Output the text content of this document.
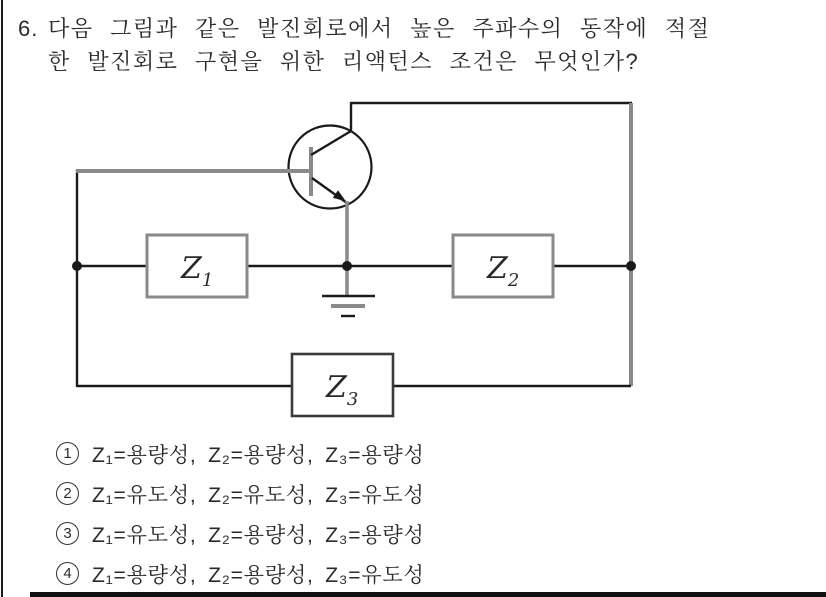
6. 다음 그림과 같은 발진회로에서 높은 주파수의 동작에 적절
한 발진회로 구현을 위한 리액턴스 조건은 무엇인가?
$Z_1$	$Z_2$
$Z_3$
1 Z₁=용량성, Z₂=용량성, Z₃=용량성
2 Z₁=유도성, Z₂=유도성, Z₃=유도성
3 Z₁=유도성, Z₂=용량성, Z₃=용량성
4 Z₁=용량성, Z₂=용량성, Z₃=유도성
